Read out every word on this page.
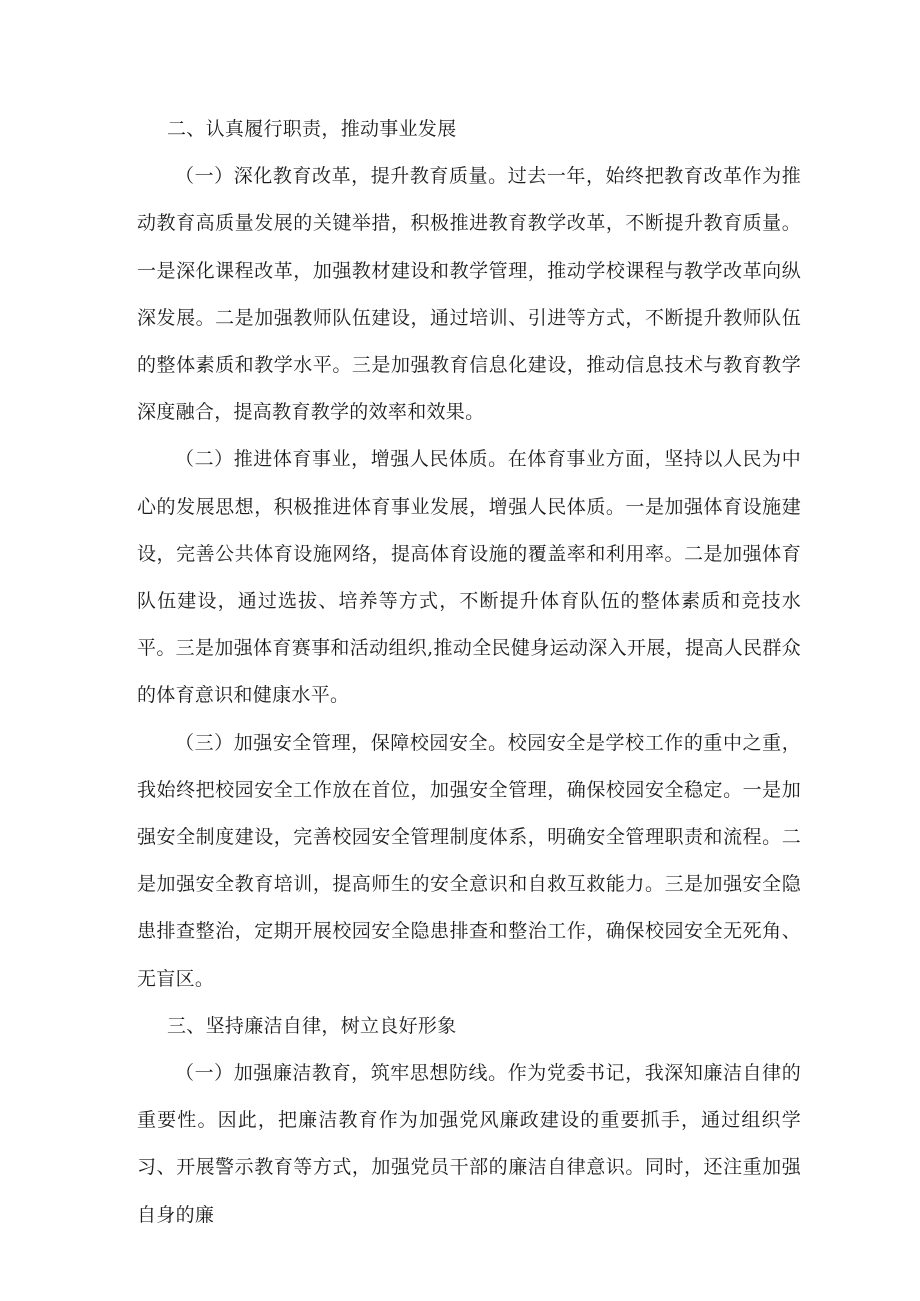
二、认真履行职责，推动事业发展

（一）深化教育改革，提升教育质量。过去一年，始终把教育改革作为推动教育高质量发展的关键举措，积极推进教育教学改革，不断提升教育质量。一是深化课程改革，加强教材建设和教学管理，推动学校课程与教学改革向纵深发展。二是加强教师队伍建设，通过培训、引进等方式，不断提升教师队伍的整体素质和教学水平。三是加强教育信息化建设，推动信息技术与教育教学深度融合，提高教育教学的效率和效果。

（二）推进体育事业，增强人民体质。在体育事业方面，坚持以人民为中心的发展思想，积极推进体育事业发展，增强人民体质。一是加强体育设施建设，完善公共体育设施网络，提高体育设施的覆盖率和利用率。二是加强体育队伍建设，通过选拔、培养等方式，不断提升体育队伍的整体素质和竞技水平。三是加强体育赛事和活动组织,推动全民健身运动深入开展，提高人民群众的体育意识和健康水平。

（三）加强安全管理，保障校园安全。校园安全是学校工作的重中之重，我始终把校园安全工作放在首位，加强安全管理，确保校园安全稳定。一是加强安全制度建设，完善校园安全管理制度体系，明确安全管理职责和流程。二是加强安全教育培训，提高师生的安全意识和自救互救能力。三是加强安全隐患排查整治，定期开展校园安全隐患排查和整治工作，确保校园安全无死角、无盲区。

三、坚持廉洁自律，树立良好形象

（一）加强廉洁教育，筑牢思想防线。作为党委书记，我深知廉洁自律的重要性。因此，把廉洁教育作为加强党风廉政建设的重要抓手，通过组织学习、开展警示教育等方式，加强党员干部的廉洁自律意识。同时，还注重加强自身的廉
